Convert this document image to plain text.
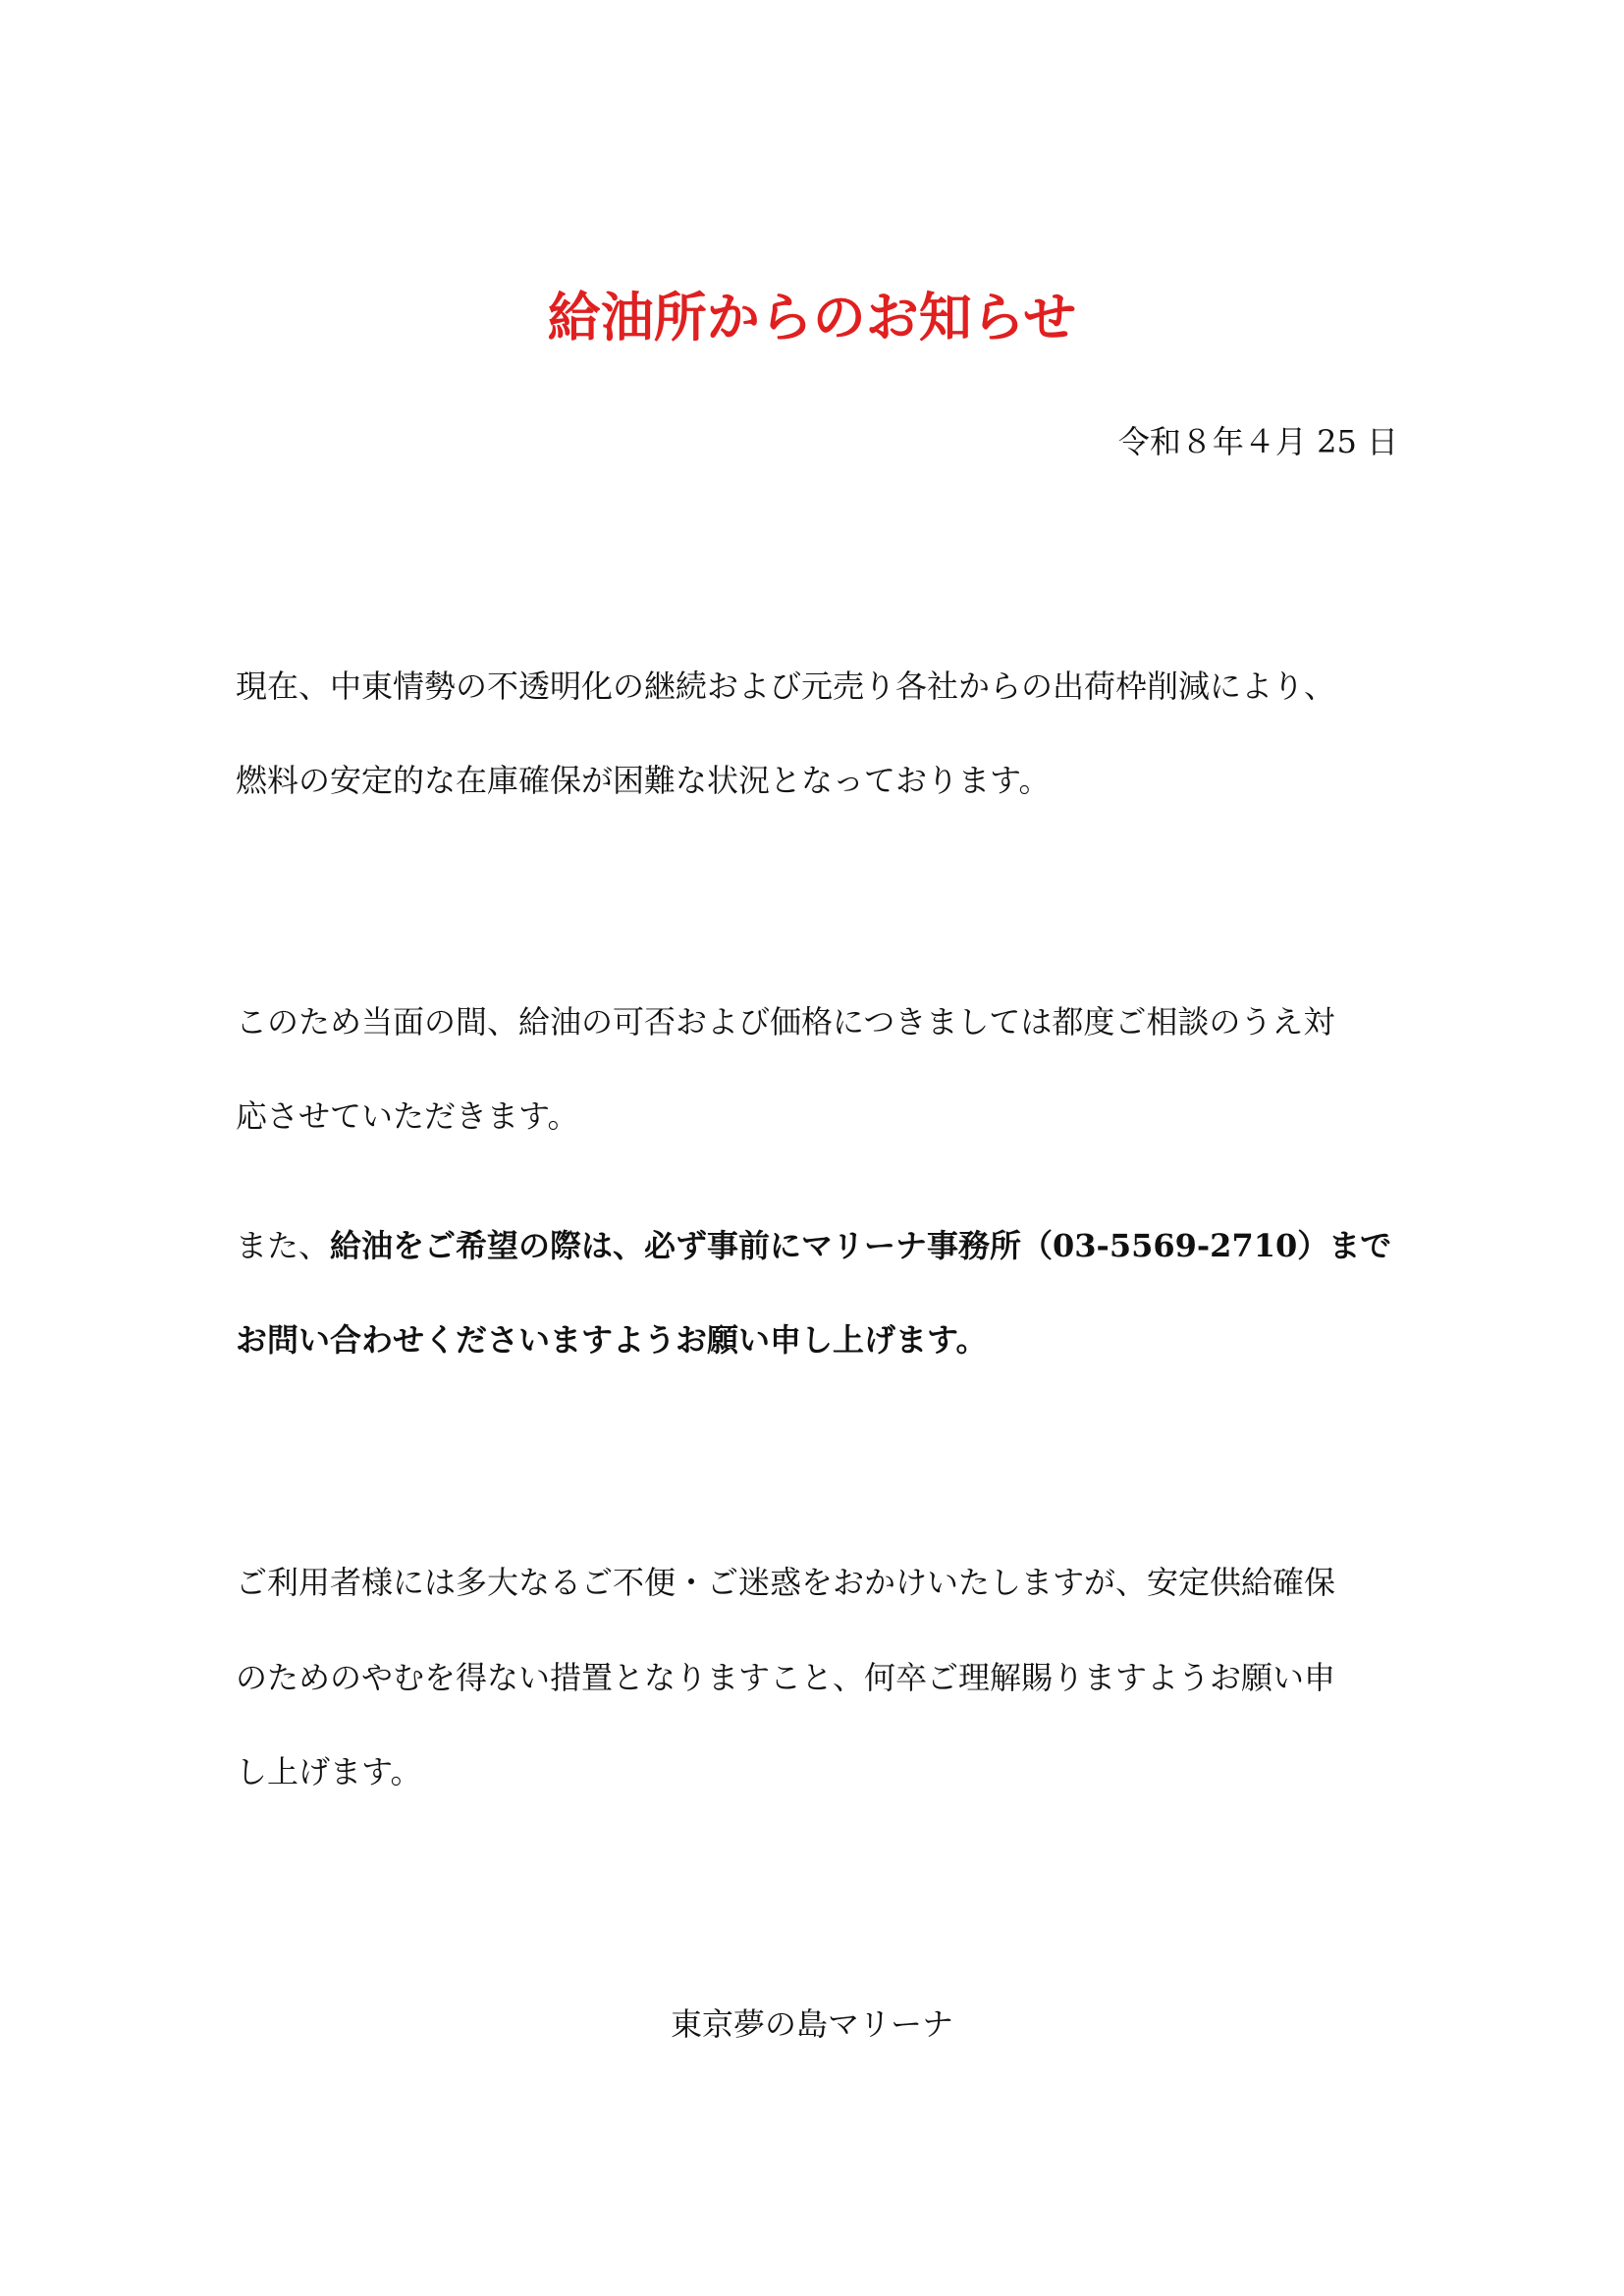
給油所からのお知らせ
令和８年４月 25 日
現在、中東情勢の不透明化の継続および元売り各社からの出荷枠削減により、
燃料の安定的な在庫確保が困難な状況となっております。
このため当面の間、給油の可否および価格につきましては都度ご相談のうえ対
応させていただきます。
また、給油をご希望の際は、必ず事前にマリーナ事務所（03-5569-2710）まで
お問い合わせくださいますようお願い申し上げます。
ご利用者様には多大なるご不便・ご迷惑をおかけいたしますが、安定供給確保
のためのやむを得ない措置となりますこと、何卒ご理解賜りますようお願い申
し上げます。
東京夢の島マリーナ
